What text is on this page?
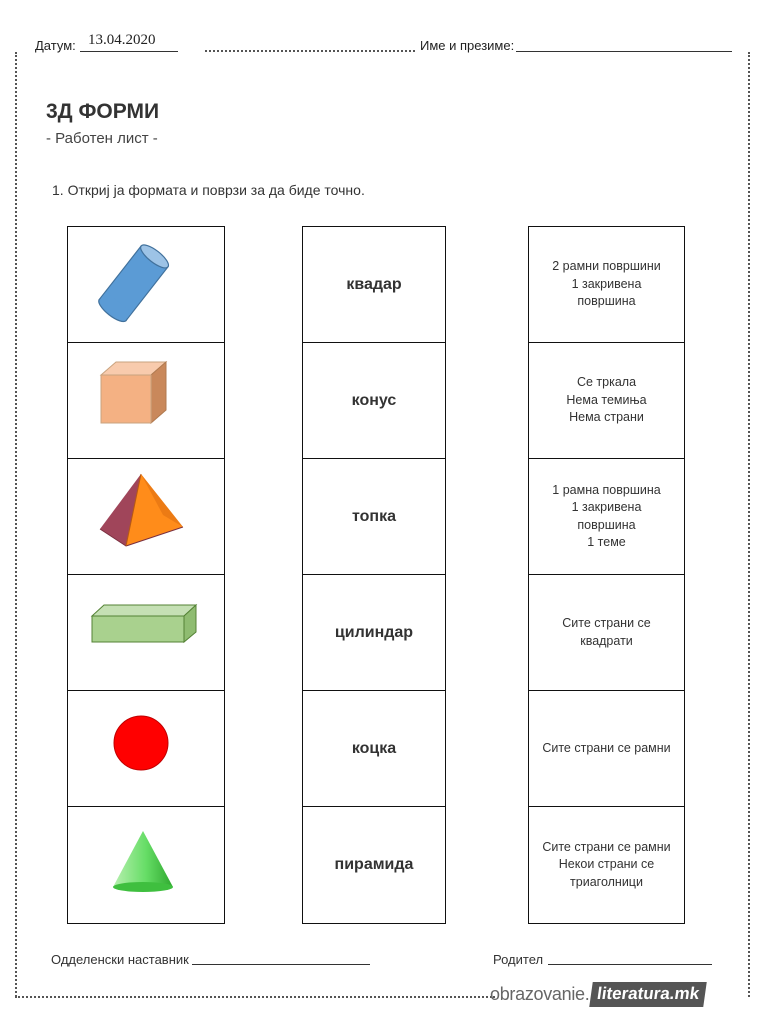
Датум: 13.04.2020	Име и презиме:
3Д ФОРМИ
- Работен лист -
1. Откриј ја формата и поврзи за да биде точно.
квадар
конус
топка
цилиндар
коцка
пирамида
2 рамни површини
1 закривена
површина
Се тркала
Нема темиња
Нема страни
1 рамна површина
1 закривена
површина
1 теме
Сите страни се
квадрати
Сите страни се рамни
Сите страни се рамни
Некои страни се
триаголници
Одделенски наставник	Родител
obrazovanie. literatura.mk
